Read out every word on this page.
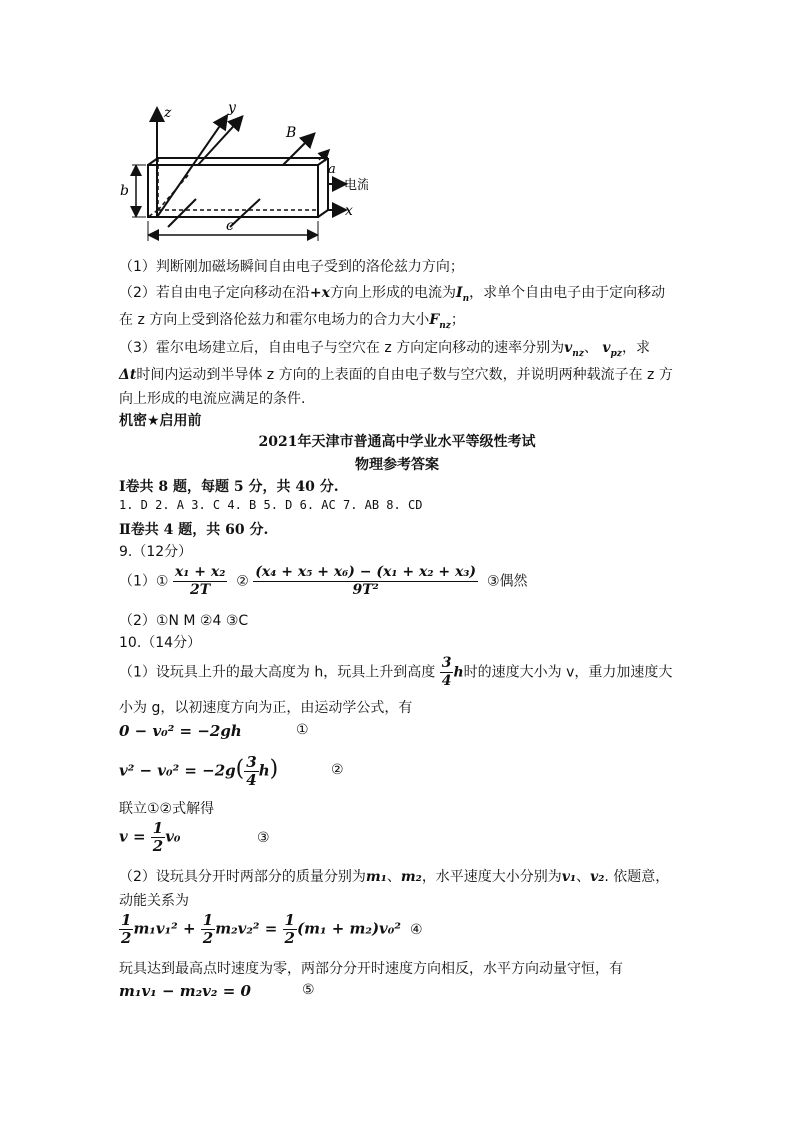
z	y
B
a
电流
x
b
c
（1）判断刚加磁场瞬间自由电子受到的洛伦兹力方向；
（2）若自由电子定向移动在沿+x方向上形成的电流为$I_n$，求单个自由电子由于定向移动
在 z 方向上受到洛伦兹力和霍尔电场力的合力大小$F_{nz}$；
（3）霍尔电场建立后，自由电子与空穴在 z 方向定向移动的速率分别为$v_{nz}$、 $v_{pz}$，求
Δt时间内运动到半导体 z 方向的上表面的自由电子数与空穴数，并说明两种载流子在 z 方
向上形成的电流应满足的条件.
机密★启用前
2021年天津市普通高中学业水平等级性考试
物理参考答案
Ⅰ卷共 8 题，每题 5 分，共 40 分.
1. D 2. A 3. C 4. B 5. D 6. AC 7. AB 8. CD
Ⅱ卷共 4 题，共 60 分.
9.（12分）
（1）① $\frac{\text{x₁ + x₂}}{2T}$ ② $\frac{\text{(x₄ + x₅ + x₆) − (x₁ + x₂ + x₃)}}{\text{9T²}}$ ③偶然
（2）①N M ②4 ③C
10.（14分）
（1）设玩具上升的最大高度为 h，玩具上升到高度 $\frac{3}{4}$ h时的速度大小为 v，重力加速度大
小为 g，以初速度方向为正，由运动学公式，有
0 − v₀² = −2gh	①
$v^2 - v_0^2 = -2g( \frac{3}{4} h)$	②
联立①②式解得
$v = \frac{1}{2} v_0$	③
（2）设玩具分开时两部分的质量分别为m₁、m₂，水平速度大小分别为v₁、v₂. 依题意，
动能关系为
$\frac{1}{2} m_1v_1^2 + \frac{1}{2} m_2v_2^2 = \frac{1}{2} (m_1 + m_2)v_0^2$ ④
玩具达到最高点时速度为零，两部分分开时速度方向相反，水平方向动量守恒，有
m₁v₁ − m₂v₂ = 0	⑤
